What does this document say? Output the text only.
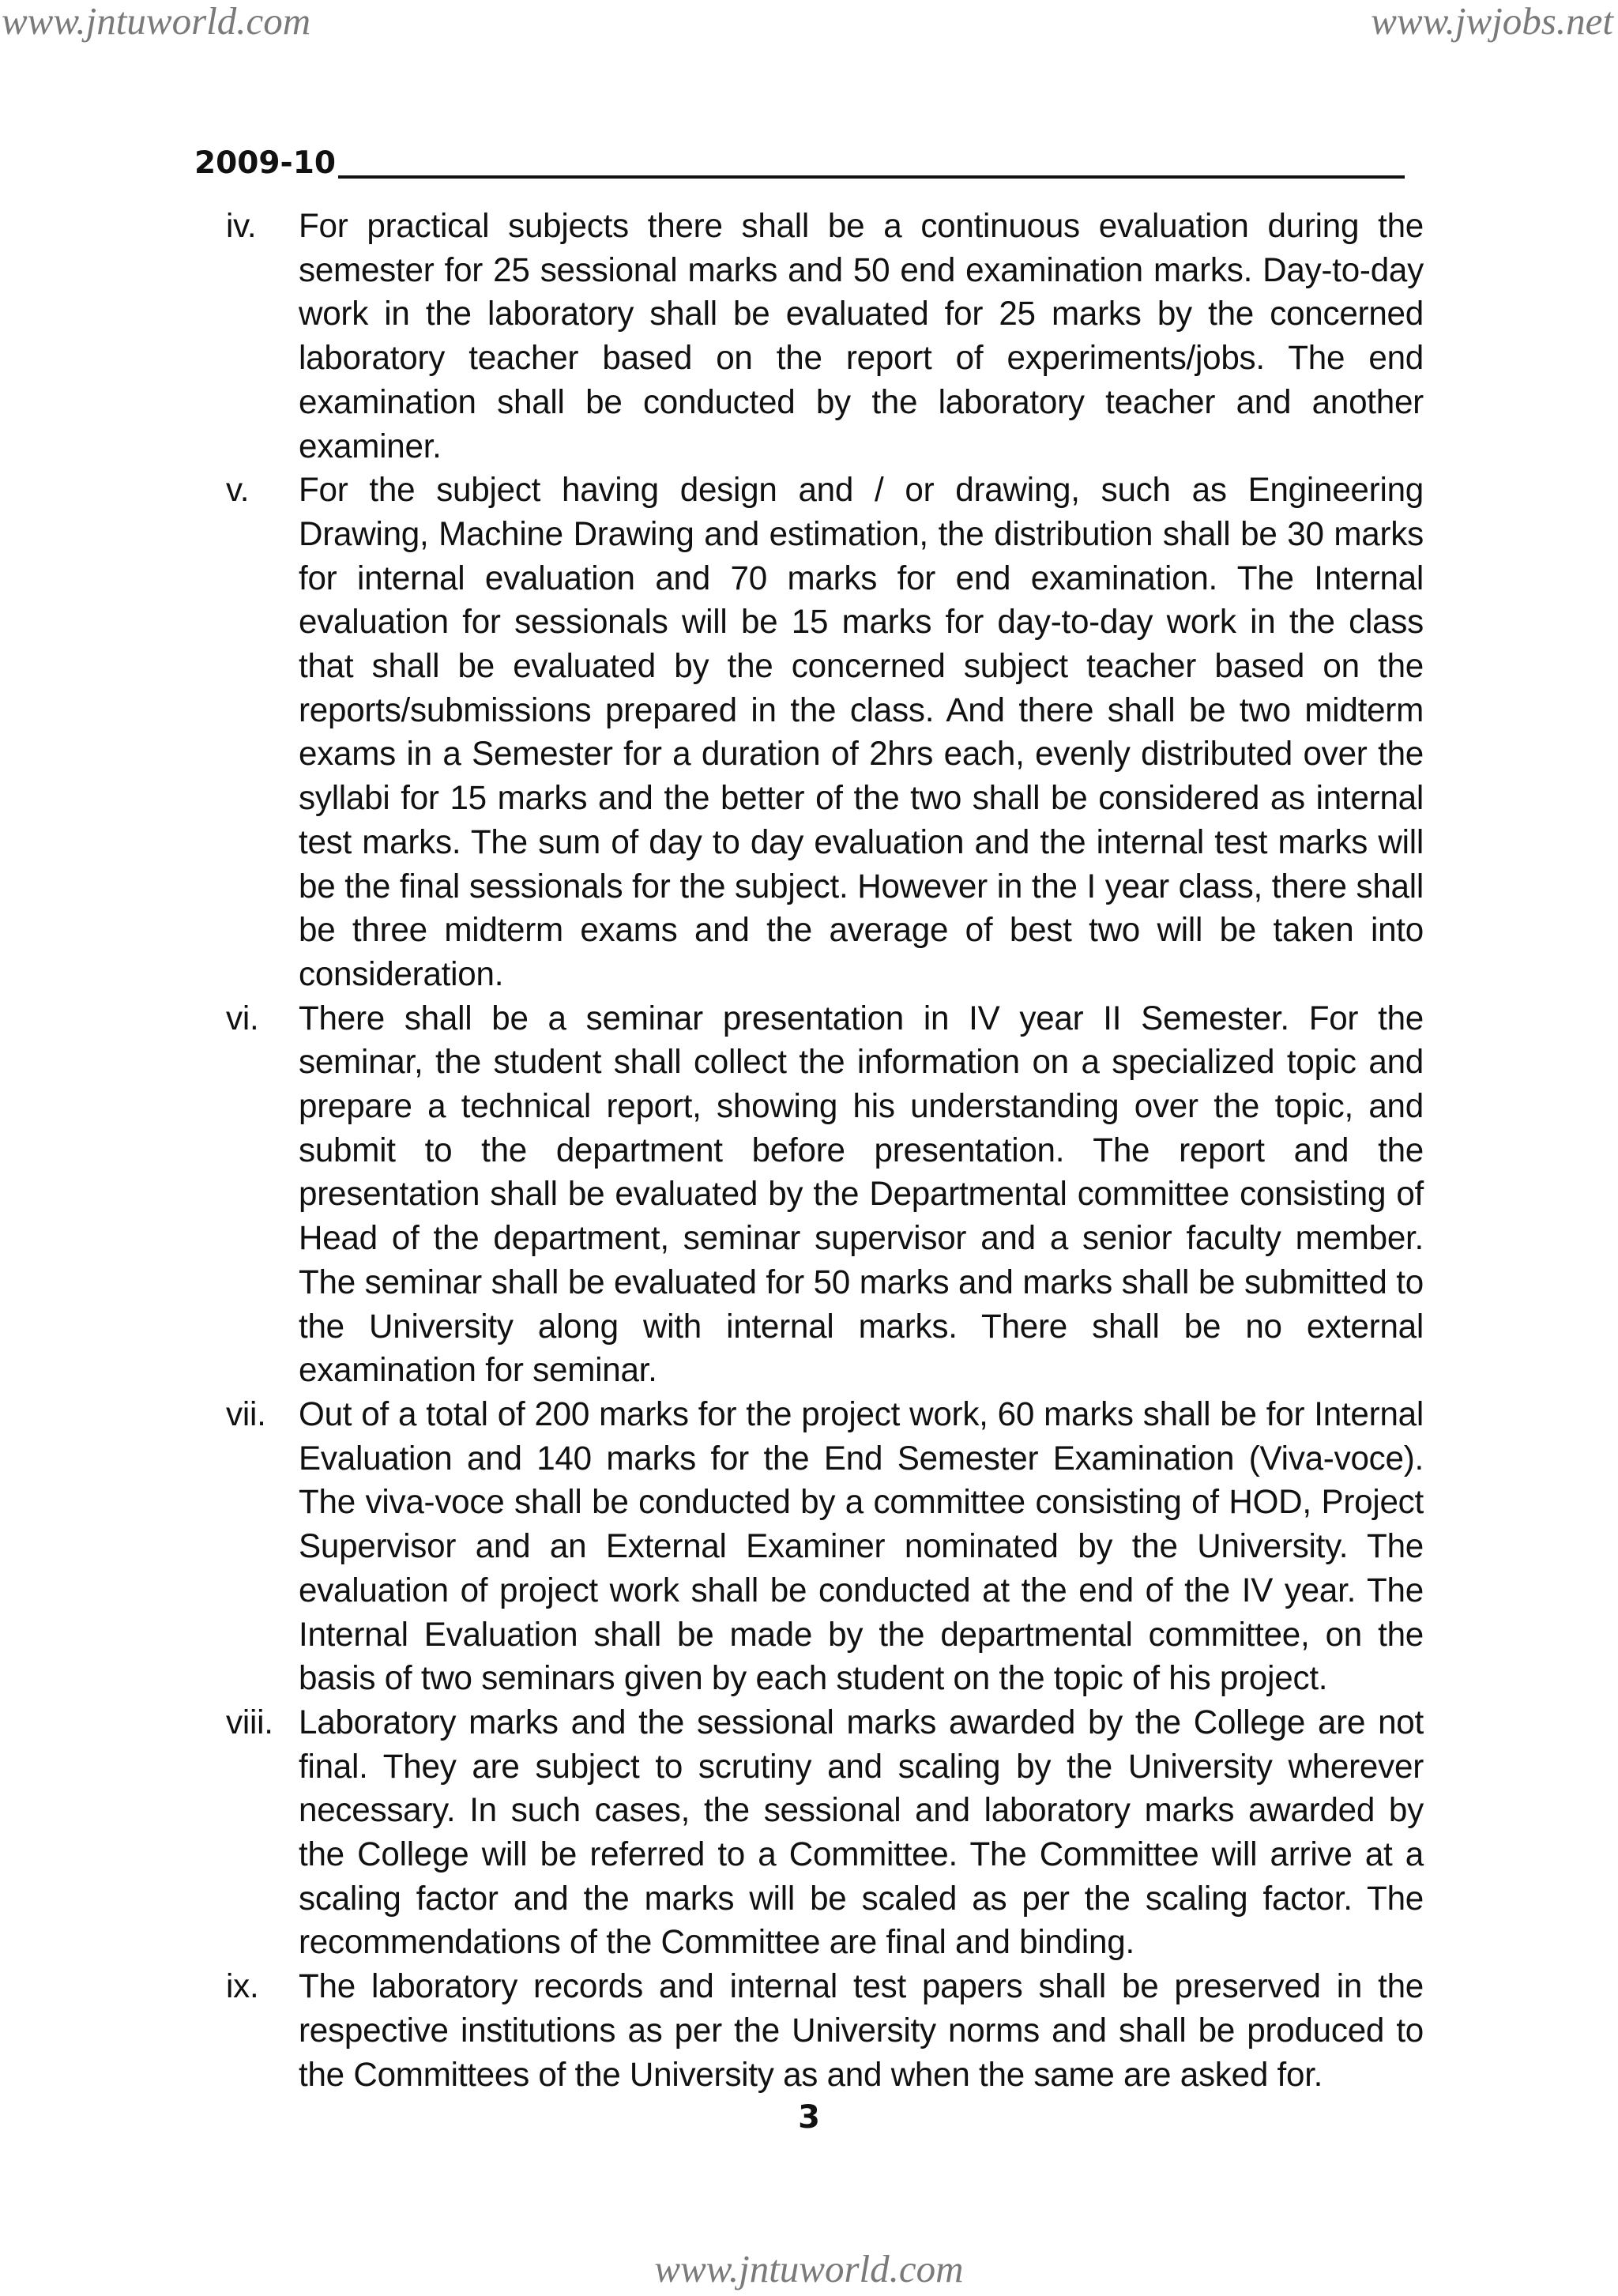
www.jntuworld.com	www.jwjobs.net
2009-10
iv.	For practical subjects there shall be a continuous evaluation during the semester for 25 sessional marks and 50 end examination marks. Day-to-day work in the laboratory shall be evaluated for 25 marks by the concerned laboratory teacher based on the report of experiments/jobs. The end examination shall be conducted by the laboratory teacher and another examiner.
v.	For the subject having design and / or drawing, such as Engineering Drawing, Machine Drawing and estimation, the distribution shall be 30 marks for internal evaluation and 70 marks for end examination. The Internal evaluation for sessionals will be 15 marks for day-to-day work in the class that shall be evaluated by the concerned subject teacher based on the reports/submissions prepared in the class. And there shall be two midterm exams in a Semester for a duration of 2hrs each, evenly distributed over the syllabi for 15 marks and the better of the two shall be considered as internal test marks. The sum of day to day evaluation and the internal test marks will be the final sessionals for the subject. However in the I year class, there shall be three midterm exams and the average of best two will be taken into consideration.
vi.	There shall be a seminar presentation in IV year II Semester. For the seminar, the student shall collect the information on a specialized topic and prepare a technical report, showing his understanding over the topic, and submit to the department before presentation. The report and the presentation shall be evaluated by the Departmental committee consisting of Head of the department, seminar supervisor and a senior faculty member. The seminar shall be evaluated for 50 marks and marks shall be submitted to the University along with internal marks. There shall be no external examination for seminar.
vii. Out of a total of 200 marks for the project work, 60 marks shall be for Internal Evaluation and 140 marks for the End Semester Examination (Viva-voce). The viva-voce shall be conducted by a committee consisting of HOD, Project Supervisor and an External Examiner nominated by the University. The evaluation of project work shall be conducted at the end of the IV year. The Internal Evaluation shall be made by the departmental committee, on the basis of two seminars given by each student on the topic of his project.
viii. Laboratory marks and the sessional marks awarded by the College are not final. They are subject to scrutiny and scaling by the University wherever necessary. In such cases, the sessional and laboratory marks awarded by the College will be referred to a Committee. The Committee will arrive at a scaling factor and the marks will be scaled as per the scaling factor. The recommendations of the Committee are final and binding.
ix.	The laboratory records and internal test papers shall be preserved in the respective institutions as per the University norms and shall be produced to the Committees of the University as and when the same are asked for.
3
www.jntuworld.com
